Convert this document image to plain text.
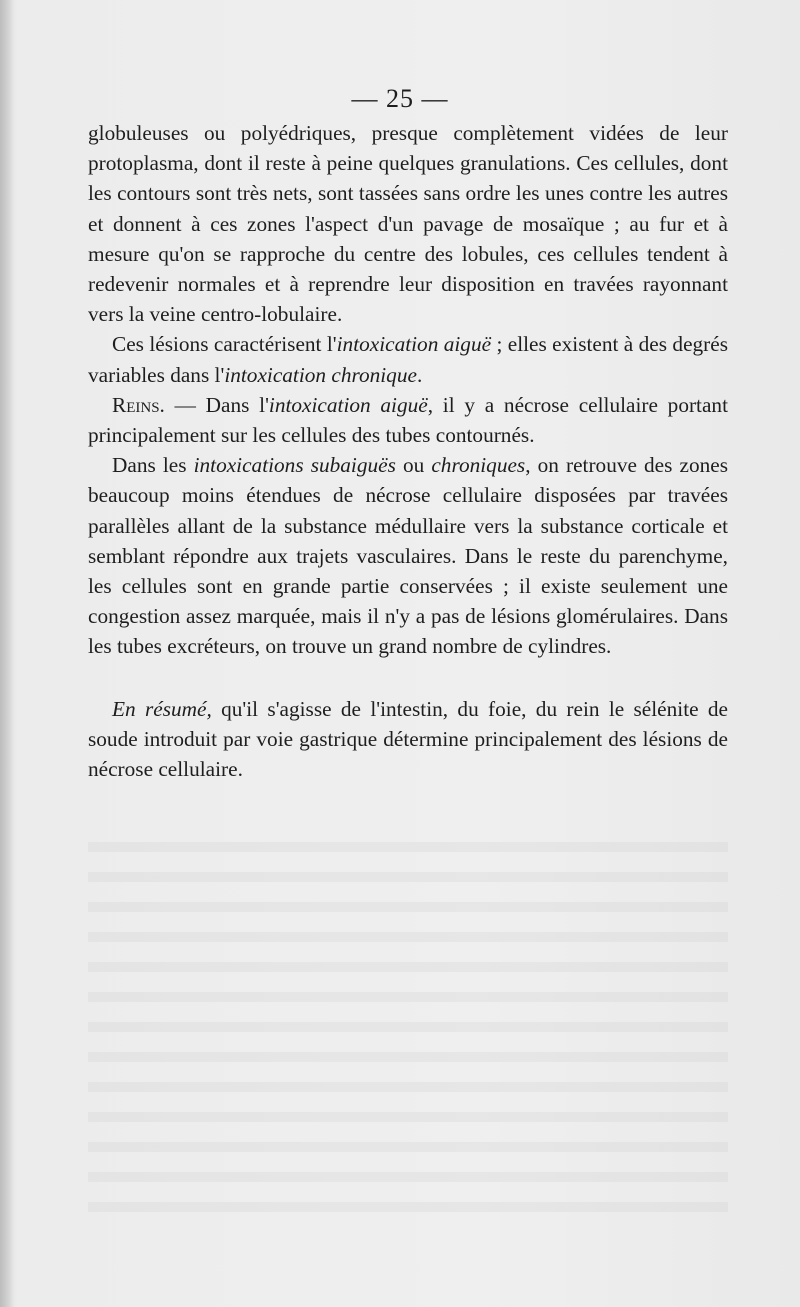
— 25 —

globuleuses ou polyédriques, presque complètement vidées de leur protoplasma, dont il reste à peine quelques granulations. Ces cellules, dont les contours sont très nets, sont tassées sans ordre les unes contre les autres et donnent à ces zones l'aspect d'un pavage de mosaïque ; au fur et à mesure qu'on se rapproche du centre des lobules, ces cellules tendent à redevenir normales et à reprendre leur disposition en travées rayonnant vers la veine centro-lobulaire.

Ces lésions caractérisent l'intoxication aiguë ; elles existent à des degrés variables dans l'intoxication chronique.

Reins. — Dans l'intoxication aiguë, il y a nécrose cellulaire portant principalement sur les cellules des tubes contournés.

Dans les intoxications subaiguës ou chroniques, on retrouve des zones beaucoup moins étendues de nécrose cellulaire disposées par travées parallèles allant de la substance médullaire vers la substance corticale et semblant répondre aux trajets vasculaires. Dans le reste du parenchyme, les cellules sont en grande partie conservées ; il existe seulement une congestion assez marquée, mais il n'y a pas de lésions glomérulaires. Dans les tubes excréteurs, on trouve un grand nombre de cylindres.

En résumé, qu'il s'agisse de l'intestin, du foie, du rein le sélénite de soude introduit par voie gastrique détermine principalement des lésions de nécrose cellulaire.
